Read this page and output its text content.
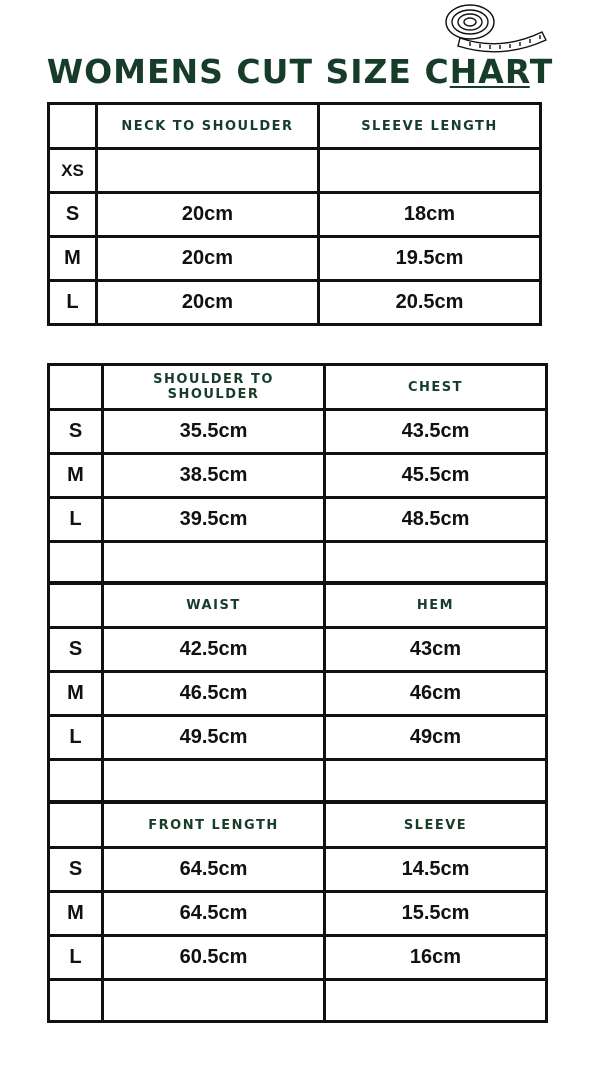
WOMENS CUT SIZE CHART
	NECK TO SHOULDER	SLEEVE LENGTH
XS		
S	20cm	18cm
M	20cm	19.5cm
L	20cm	20.5cm
	SHOULDER TO SHOULDER	CHEST
S	35.5cm	43.5cm
M	38.5cm	45.5cm
L	39.5cm	48.5cm

	WAIST	HEM
S	42.5cm	43cm
M	46.5cm	46cm
L	49.5cm	49cm

	FRONT LENGTH	SLEEVE
S	64.5cm	14.5cm
M	64.5cm	15.5cm
L	60.5cm	16cm
